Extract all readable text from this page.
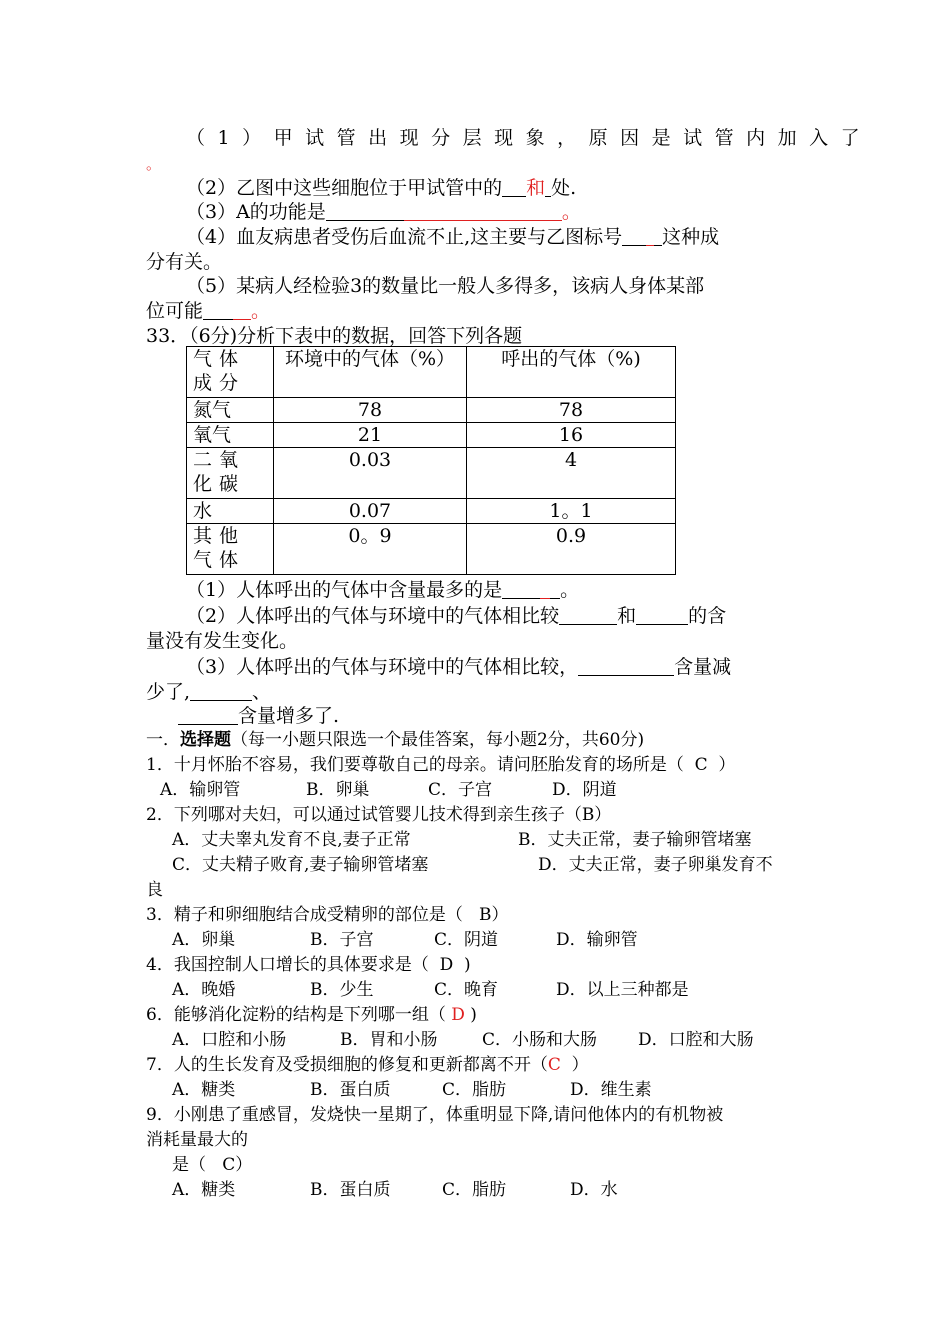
（1）甲试管出现分层现象，原因是试管内加入了
。
（2）乙图中这些细胞位于甲试管中的 和 处.
（3）A的功能是	。
（4）血友病患者受伤后血流不止,这主要与乙图标号 这种成
分有关。
（5）某病人经检验3的数量比一般人多得多，该病人身体某部
位可能	。
33．（6分)分析下表中的数据，回答下列各题
气体成分	环境中的气体（%）	呼出的气体（%)
氮气	78	78
氧气	21	16
二氧化碳	0.03	4
水	0.07	1。1
其他气体	0。9	0.9
（1）人体呼出的气体中含量最多的是	。
（2）人体呼出的气体与环境中的气体相比较	和	的含
量没有发生变化。
（3）人体呼出的气体与环境中的气体相比较，	含量减
少了,	、
含量增多了.
一．选择题（每一小题只限选一个最佳答案，每小题2分，共60分)
1．十月怀胎不容易，我们要尊敬自己的母亲。请问胚胎发育的场所是（  C  ）
A．输卵管	B．卵巢	C．子宫	D．阴道
2．下列哪对夫妇，可以通过试管婴儿技术得到亲生孩子（B）
A．丈夫睾丸发育不良,妻子正常	B．丈夫正常，妻子输卵管堵塞
C．丈夫精子败育,妻子输卵管堵塞	D．丈夫正常，妻子卵巢发育不
良
3．精子和卵细胞结合成受精卵的部位是（   B）
A．卵巢	B．子宫	C．阴道	D．输卵管
4．我国控制人口增长的具体要求是（  D  )
A．晚婚	B．少生	C．晚育	D．以上三种都是
6．能够消化淀粉的结构是下列哪一组（ D )
A．口腔和小肠	B．胃和小肠	C．小肠和大肠 D．口腔和大肠
7．人的生长发育及受损细胞的修复和更新都离不开（C  ）
A．糖类	B．蛋白质	C．脂肪	D．维生素
9．小刚患了重感冒，发烧快一星期了，体重明显下降,请问他体内的有机物被
消耗量最大的
是（   C）
A．糖类	B．蛋白质	C．脂肪	D．水
